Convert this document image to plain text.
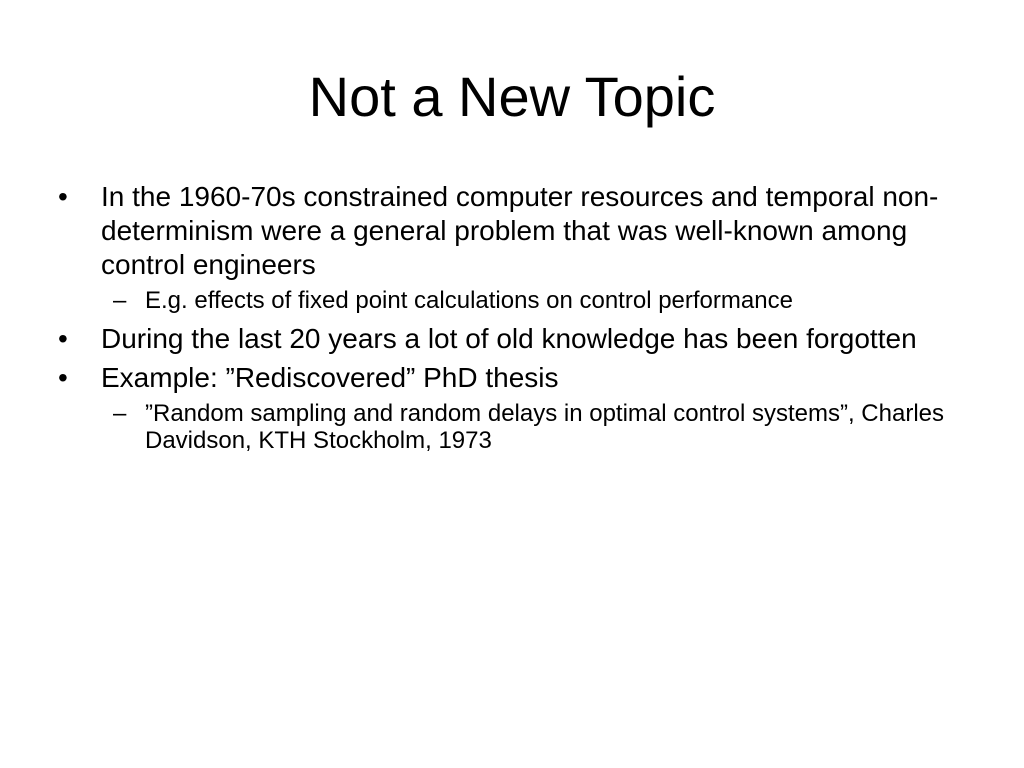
Not a New Topic
•	In the 1960-70s constrained computer resources and temporal non-determinism were a general problem that was well-known among control engineers
– E.g. effects of fixed point calculations on control performance
•	During the last 20 years a lot of old knowledge has been forgotten
•	Example: ”Rediscovered” PhD thesis
– ”Random sampling and random delays in optimal control systems”, Charles Davidson, KTH Stockholm, 1973
